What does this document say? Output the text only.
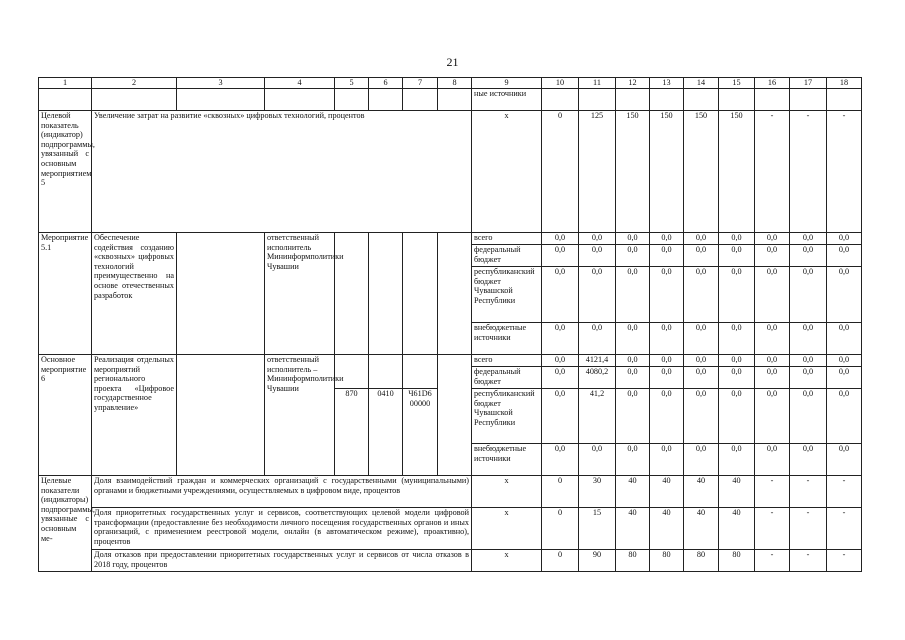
21
1	2	3	4	5	6	7	8	9	10	11	12	13	14	15	16	17	18
								ные источники									
Целевой показатель (индикатор) подпрограммы, увязанный с основным мероприятием 5	Увеличение затрат на развитие «сквозных» цифровых технологий, процентов							х	0	125	150	150	150	150	-	-	-
Мероприятие 5.1	Обеспечение содействия созданию «сквозных» цифровых технологий преимущественно на основе отечественных разработок		ответственный исполнитель Мининформполитики Чувашии					всего	0,0	0,0	0,0	0,0	0,0	0,0	0,0	0,0	0,0
								федеральный бюджет	0,0	0,0	0,0	0,0	0,0	0,0	0,0	0,0	0,0
								республиканский бюджет Чувашской Республики	0,0	0,0	0,0	0,0	0,0	0,0	0,0	0,0	0,0
								внебюджетные источники	0,0	0,0	0,0	0,0	0,0	0,0	0,0	0,0	0,0
Основное мероприятие 6	Реализация отдельных мероприятий регионального проекта «Цифровое государственное управление»		ответственный исполнитель – Мининформполитики Чувашии					всего	0,0	4121,4	0,0	0,0	0,0	0,0	0,0	0,0	0,0
								федеральный бюджет	0,0	4080,2	0,0	0,0	0,0	0,0	0,0	0,0	0,0
				870	0410	Ч61D6 00000		республиканский бюджет Чувашской Республики	0,0	41,2	0,0	0,0	0,0	0,0	0,0	0,0	0,0
								внебюджетные источники	0,0	0,0	0,0	0,0	0,0	0,0	0,0	0,0	0,0
Целевые показатели (индикаторы) подпрограммы, увязанные с основным ме-	Доля взаимодействий граждан и коммерческих организаций с государственными (муниципальными) органами и бюджетными учреждениями, осуществляемых в цифровом виде, процентов							х	0	30	40	40	40	40	-	-	-
	Доля приоритетных государственных услуг и сервисов, соответствующих целевой модели цифровой трансформации (предоставление без необходимости личного посещения государственных органов и иных организаций, с применением реестровой модели, онлайн (в автоматическом режиме), проактивно), процентов							х	0	15	40	40	40	40	-	-	-
	Доля отказов при предоставлении приоритетных государственных услуг и сервисов от числа отказов в 2018 году, процентов							х	0	90	80	80	80	80	-	-	-
